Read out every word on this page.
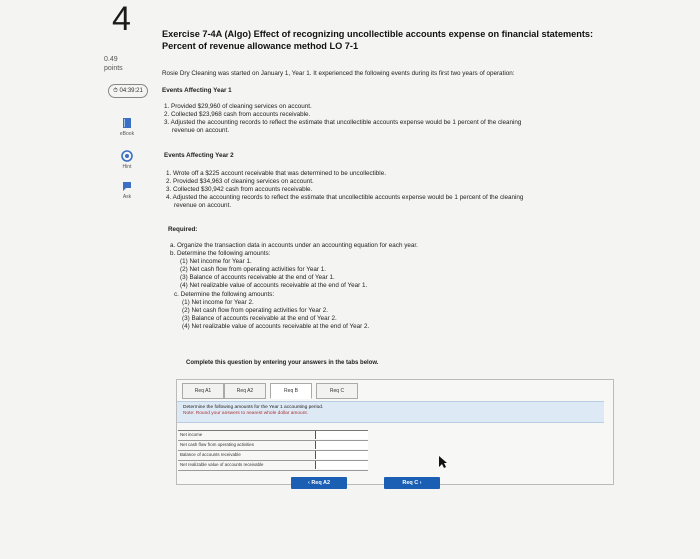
4
0.49
points
⏱ 04:39:21
eBook
Hint
Ask
Exercise 7-4A (Algo) Effect of recognizing uncollectible accounts expense on financial statements:
Percent of revenue allowance method LO 7-1
Rosie Dry Cleaning was started on January 1, Year 1. It experienced the following events during its first two years of operation:
Events Affecting Year 1
1. Provided $29,960 of cleaning services on account.
2. Collected $23,968 cash from accounts receivable.
3. Adjusted the accounting records to reflect the estimate that uncollectible accounts expense would be 1 percent of the cleaning
revenue on account.
Events Affecting Year 2
1. Wrote off a $225 account receivable that was determined to be uncollectible.
2. Provided $34,963 of cleaning services on account.
3. Collected $30,942 cash from accounts receivable.
4. Adjusted the accounting records to reflect the estimate that uncollectible accounts expense would be 1 percent of the cleaning
revenue on account.
Required:
a. Organize the transaction data in accounts under an accounting equation for each year.
b. Determine the following amounts:
(1) Net income for Year 1.
(2) Net cash flow from operating activities for Year 1.
(3) Balance of accounts receivable at the end of Year 1.
(4) Net realizable value of accounts receivable at the end of Year 1.
c. Determine the following amounts:
(1) Net income for Year 2.
(2) Net cash flow from operating activities for Year 2.
(3) Balance of accounts receivable at the end of Year 2.
(4) Net realizable value of accounts receivable at the end of Year 2.
Complete this question by entering your answers in the tabs below.
Req A1	Req A2	Req B	Req C
Determine the following amounts for the Year 1 accounting period.
Note: Round your answers to nearest whole dollar amount.
Net income
Net cash flow from operating activities
Balance of accounts receivable
Net realizable value of accounts receivable
‹ Req A2	Req C ›
